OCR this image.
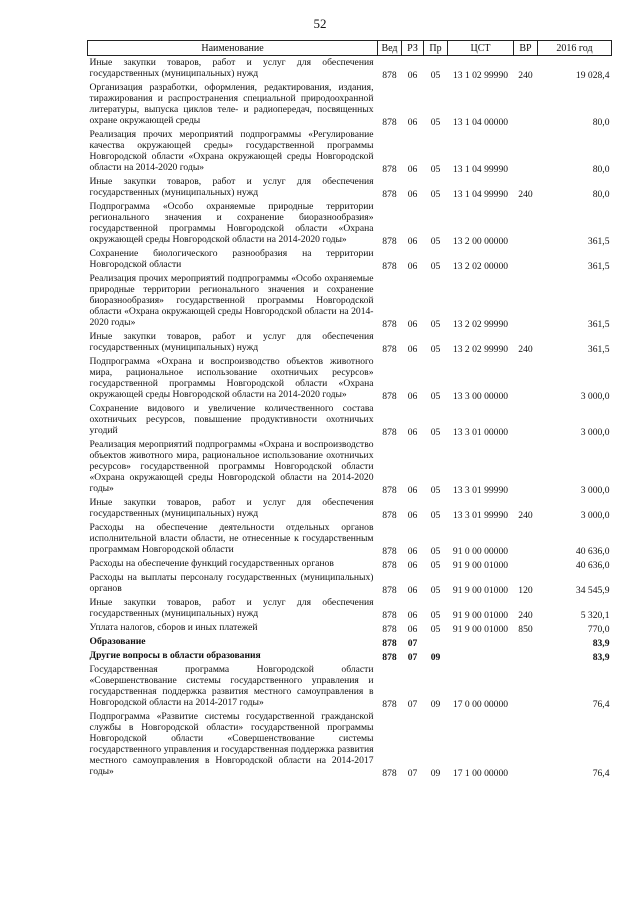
52
Наименование	Вед	РЗ	Пр	ЦСТ	ВР	2016 год
Иные закупки товаров, работ и услуг для обеспечения государственных (муниципальных) нужд	878	06	05	13 1 02 99990	240	19 028,4
Организация разработки, оформления, редактирования, издания, тиражирования и распространения специальной природоохранной литературы, выпуска циклов теле- и радиопередач, посвященных охране окружающей среды	878	06	05	13 1 04 00000		80,0
Реализация прочих мероприятий подпрограммы «Регулирование качества окружающей среды» государственной программы Новгородской области «Охрана окружающей среды Новгородской области на 2014-2020 годы»	878	06	05	13 1 04 99990		80,0
Иные закупки товаров, работ и услуг для обеспечения государственных (муниципальных) нужд	878	06	05	13 1 04 99990	240	80,0
Подпрограмма «Особо охраняемые природные территории регионального значения и сохранение биоразнообразия» государственной программы Новгородской области «Охрана окружающей среды Новгородской области на 2014-2020 годы»	878	06	05	13 2 00 00000		361,5
Сохранение биологического разнообразия на территории Новгородской области	878	06	05	13 2 02 00000		361,5
Реализация прочих мероприятий подпрограммы «Особо охраняемые природные территории регионального значения и сохранение биоразнообразия» государственной программы Новгородской области «Охрана окружающей среды Новгородской области на 2014-2020 годы»	878	06	05	13 2 02 99990		361,5
Иные закупки товаров, работ и услуг для обеспечения государственных (муниципальных) нужд	878	06	05	13 2 02 99990	240	361,5
Подпрограмма «Охрана и воспроизводство объектов животного мира, рациональное использование охотничьих ресурсов» государственной программы Новгородской области «Охрана окружающей среды Новгородской области на 2014-2020 годы»	878	06	05	13 3 00 00000		3 000,0
Сохранение видового и увеличение количественного состава охотничьих ресурсов, повышение продуктивности охотничьих угодий	878	06	05	13 3 01 00000		3 000,0
Реализация мероприятий подпрограммы «Охрана и воспроизводство объектов животного мира, рациональное использование охотничьих ресурсов» государственной программы Новгородской области «Охрана окружающей среды Новгородской области на 2014-2020 годы»	878	06	05	13 3 01 99990		3 000,0
Иные закупки товаров, работ и услуг для обеспечения государственных (муниципальных) нужд	878	06	05	13 3 01 99990	240	3 000,0
Расходы на обеспечение деятельности отдельных органов исполнительной власти области, не отнесенные к государственным программам Новгородской области	878	06	05	91 0 00 00000		40 636,0
Расходы на обеспечение функций государственных органов	878	06	05	91 9 00 01000		40 636,0
Расходы на выплаты персоналу государственных (муниципальных) органов	878	06	05	91 9 00 01000	120	34 545,9
Иные закупки товаров, работ и услуг для обеспечения государственных (муниципальных) нужд	878	06	05	91 9 00 01000	240	5 320,1
Уплата налогов, сборов и иных платежей	878	06	05	91 9 00 01000	850	770,0
Образование	878	07				83,9
Другие вопросы в области образования	878	07	09			83,9
Государственная программа Новгородской области «Совершенствование системы государственного управления и государственная поддержка развития местного самоуправления в Новгородской области на 2014-2017 годы»	878	07	09	17 0 00 00000		76,4
Подпрограмма «Развитие системы государственной гражданской службы в Новгородской области» государственной программы Новгородской области «Совершенствование системы государственного управления и государственная поддержка развития местного самоуправления в Новгородской области на 2014-2017 годы»	878	07	09	17 1 00 00000		76,4
